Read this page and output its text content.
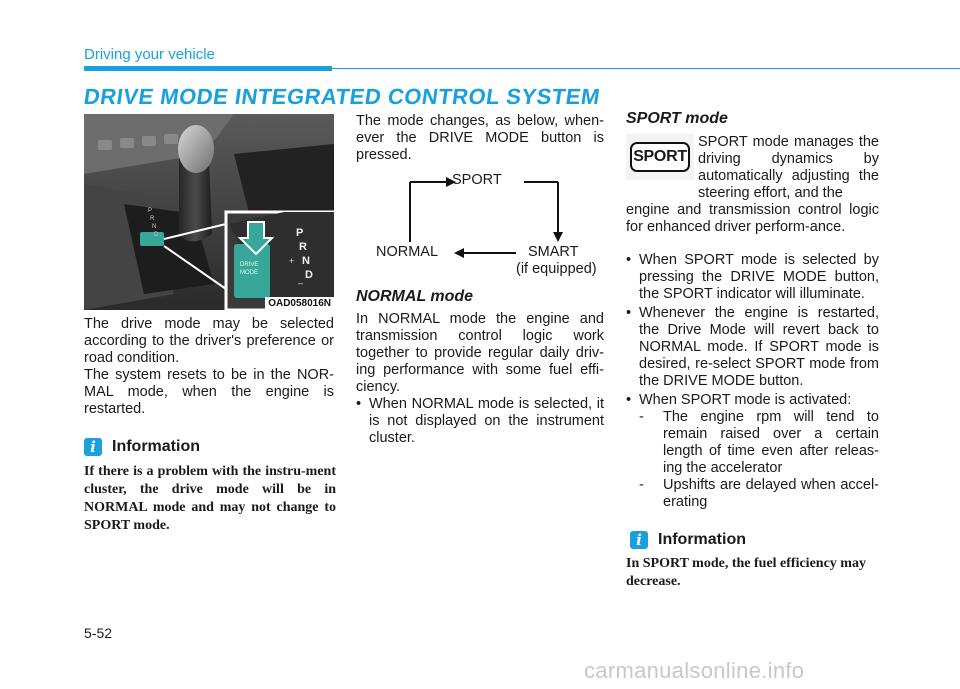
Driving your vehicle
DRIVE MODE INTEGRATED CONTROL SYSTEM
P
R
N
D
DRIVE
MODE
P
R
N
D
+
–
OAD058016N

The drive mode may be selected according to the driver's preference or road condition.

The system resets to be in the NOR-MAL mode, when the engine is restarted.

i	Information

If there is a problem with the instru-ment cluster, the drive mode will be in NORMAL mode and may not change to SPORT mode.

The mode changes, as below, when-ever the DRIVE MODE button is pressed.

SPORT
NORMAL	SMART
(if equipped)
NORMAL mode

In NORMAL mode the engine and transmission control logic work together to provide regular daily driv-ing performance with some fuel effi-ciency.

• When NORMAL mode is selected, it is not displayed on the instrument cluster.

SPORT mode
SPORT

SPORT mode manages the driving dynamics by automatically adjusting the steering effort, and the

engine and transmission control logic for enhanced driver perform-ance.

• When SPORT mode is selected by pressing the DRIVE MODE button, the SPORT indicator will illuminate.

• Whenever the engine is restarted, the Drive Mode will revert back to NORMAL mode. If SPORT mode is desired, re-select SPORT mode from the DRIVE MODE button.

• When SPORT mode is activated:

- The engine rpm will tend to remain raised over a certain length of time even after releas-ing the accelerator
- Upshifts are delayed when accel-erating
i	Information

In SPORT mode, the fuel efficiency may decrease.

5-52
carmanualsonline.info
